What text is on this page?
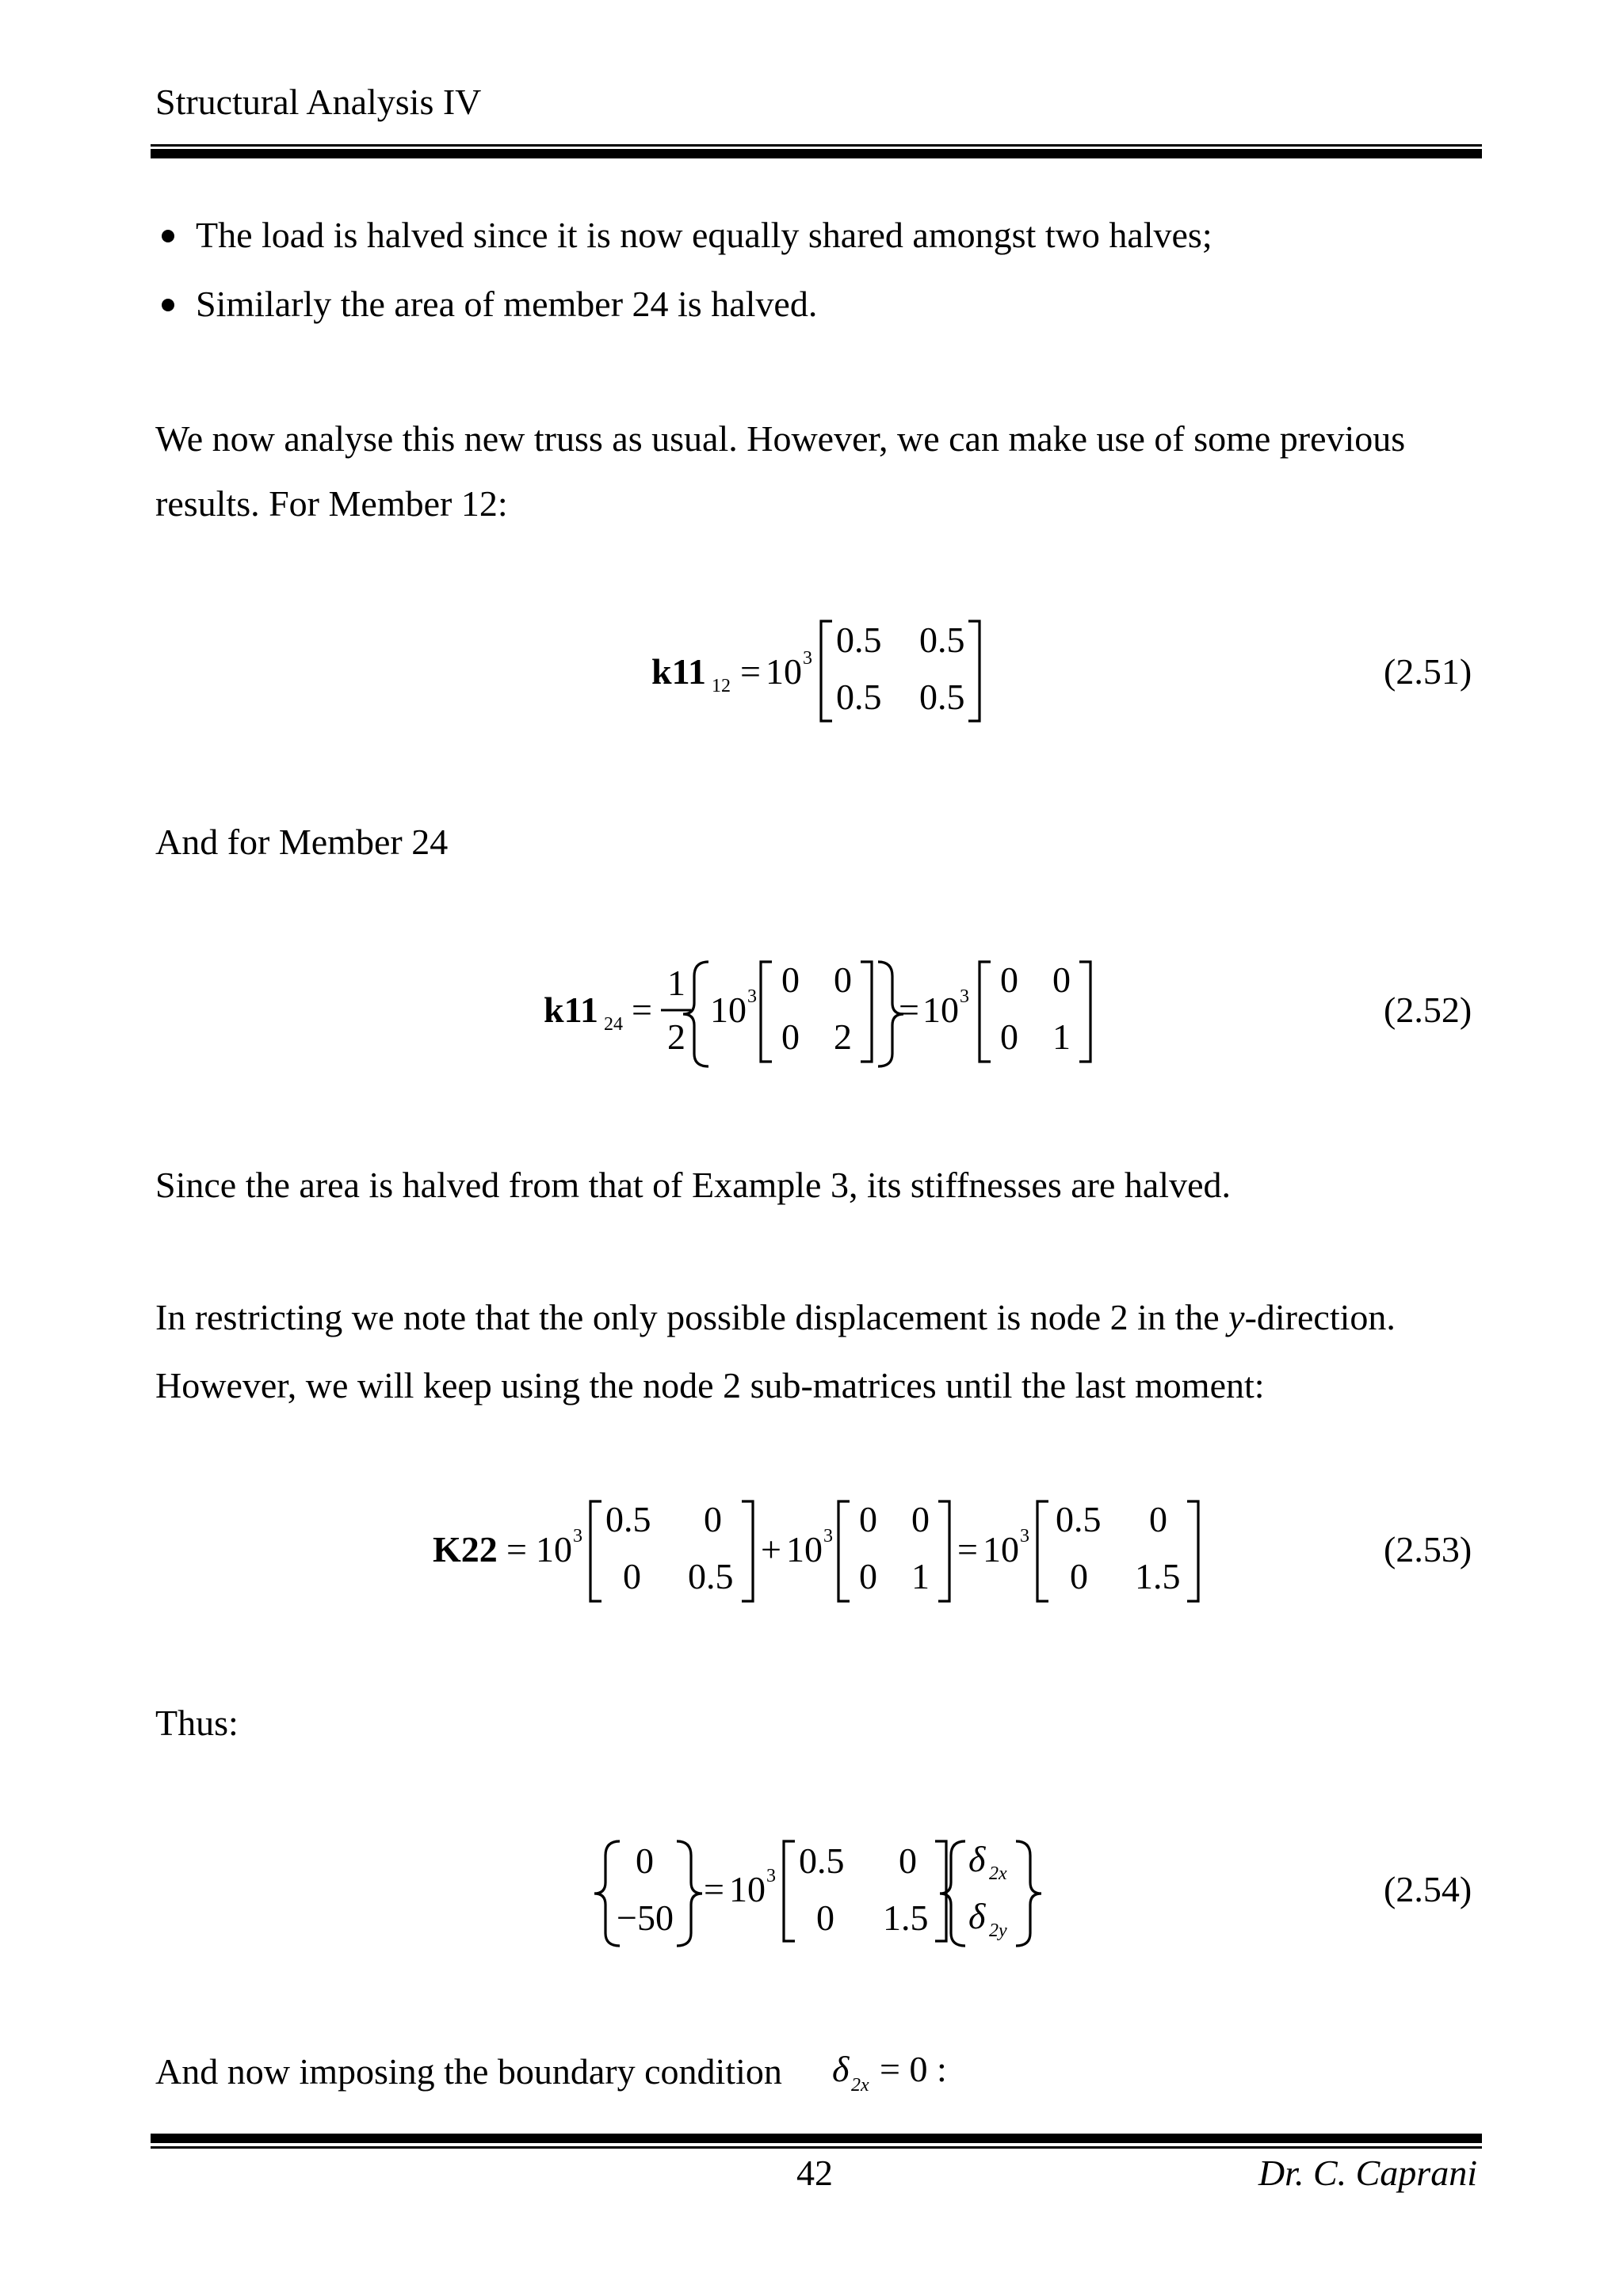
Structural Analysis IV
The load is halved since it is now equally shared amongst two halves;
Similarly the area of member 24 is halved.
We now analyse this new truss as usual. However, we can make use of some previous
results. For Member 12:
k11 12 = 10 3 0.5 0.5
0.5 0.5
(2.51)
And for Member 24
k11 24 =
1
2
10 3 0 0
0 2
= 10 3 0 0
0 1
(2.52)
Since the area is halved from that of Example 3, its stiffnesses are halved.
In restricting we note that the only possible displacement is node 2 in the y-direction.
However, we will keep using the node 2 sub-matrices until the last moment:
K22 = 10 3 0.5 0
0 0.5
+ 10 3 0 0
0 1
= 10 3 0.5 0
0 1.5
(2.53)
Thus:
0
−50
= 10 3 0.5 0
0 1.5
δ 2x
δ 2y
(2.54)
And now imposing the boundary condition δ 2x = 0 :
42	Dr. C. Caprani
